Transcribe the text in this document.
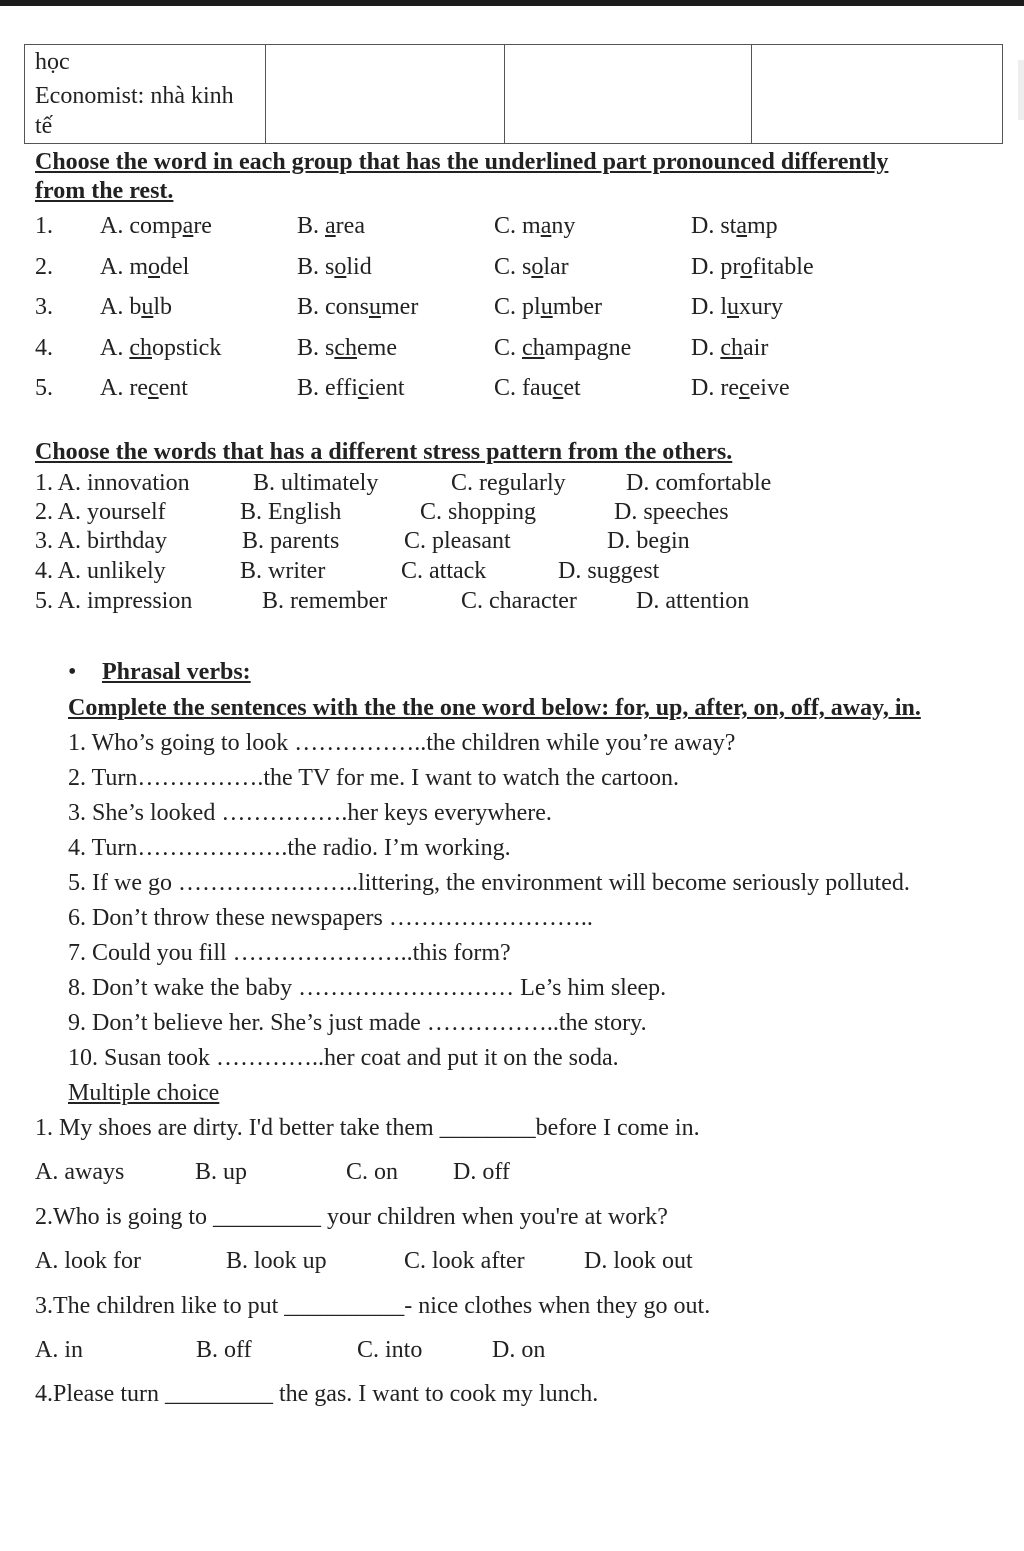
học
Economist: nhà kinh
tế

Choose the word in each group that has the underlined part pronounced differently
from the rest.
1. A. compare	B. area	C. many	D. stamp
2. A. model	B. solid	C. solar	D. profitable
3. A. bulb	B. consumer	C. plumber	D. luxury
4. A. chopstick	B. scheme	C. champagne D. chair
5. A. recent	B. efficient	C. faucet	D. receive
Choose the words that has a different stress pattern from the others.
1. A. innovation	B. ultimately	C. regularly	D. comfortable
2. A. yourself	B. English	C. shopping	D. speeches
3. A. birthday	B. parents	C. pleasant	D. begin
4. A. unlikely	B. writer	C. attack	D. suggest
5. A. impression	B. remember	C. character D. attention
• Phrasal verbs:
Complete the sentences with the the one word below: for, up, after, on, off, away, in.
1. Who’s going to look ……………..the children while you’re away?
2. Turn…………….the TV for me. I want to watch the cartoon.
3. She’s looked …………….her keys everywhere.
4. Turn……………….the radio. I’m working.
5. If we go …………………..littering, the environment will become seriously polluted.
6. Don’t throw these newspapers ……………………..
7. Could you fill …………………..this form?
8. Don’t wake the baby ……………………… Le’s him sleep.
9. Don’t believe her. She’s just made ……………..the story.
10. Susan took …………..her coat and put it on the soda.
Multiple choice
1. My shoes are dirty. I'd better take them ________before I come in.
A. aways	B. up	C. on D. off
2.Who is going to _________ your children when you're at work?
A. look for	B. look up	C. look after D. look out
3.The children like to put __________- nice clothes when they go out.
A. in	B. off	C. into	D. on
4.Please turn _________ the gas. I want to cook my lunch.
